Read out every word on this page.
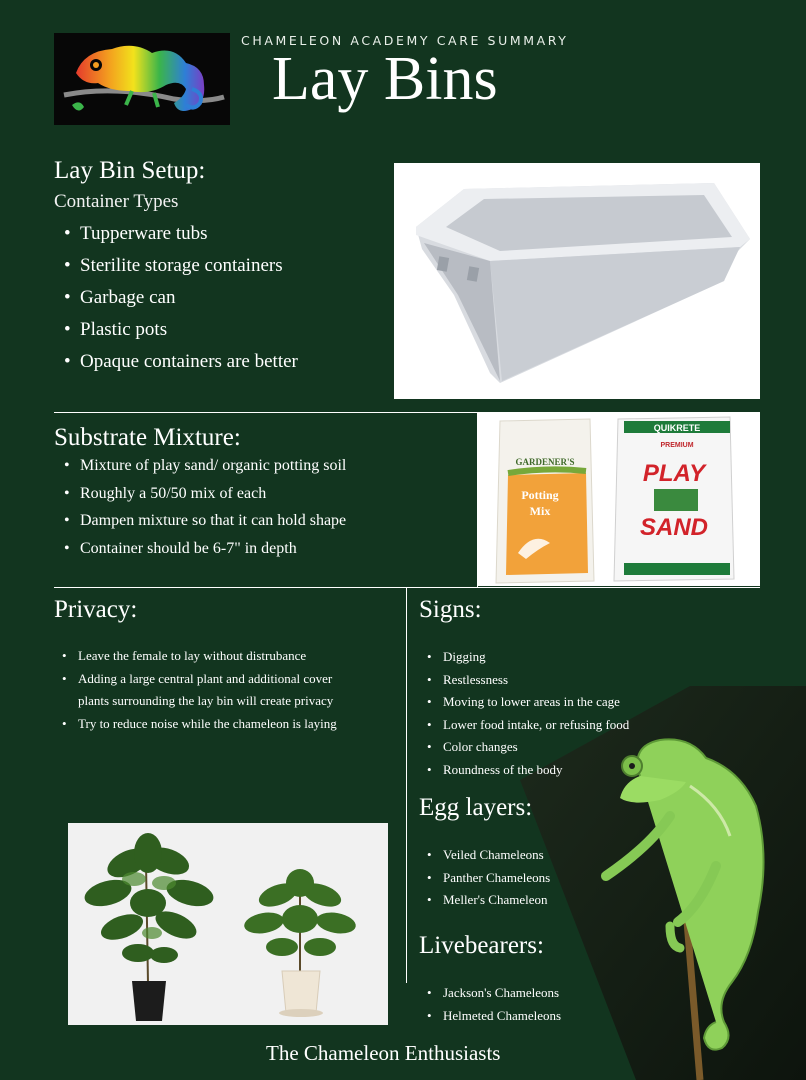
CHAMELEON ACADEMY CARE SUMMARY
Lay Bins
Lay Bin Setup:
Container Types
• Tupperware tubs
• Sterilite storage containers
• Garbage can
• Plastic pots
• Opaque containers are better
Substrate Mixture:
• Mixture of play sand/ organic potting soil
• Roughly a 50/50 mix of each
• Dampen mixture so that it can hold shape
• Container should be 6-7" in depth
GARDENER'S
Potting
Mix
QUIKRETE
PREMIUM
PLAY
SAND
Privacy:
• Leave the female to lay without distrubance
• Adding a large central plant and additional cover plants surrounding the lay bin will create privacy
• Try to reduce noise while the chameleon is laying
Signs:
• Digging
• Restlessness
• Moving to lower areas in the cage
• Lower food intake, or refusing food
• Color changes
• Roundness of the body
Egg layers:
• Veiled Chameleons
• Panther Chameleons
• Meller's Chameleon
Livebearers:
• Jackson's Chameleons
• Helmeted Chameleons
The Chameleon Enthusiasts
